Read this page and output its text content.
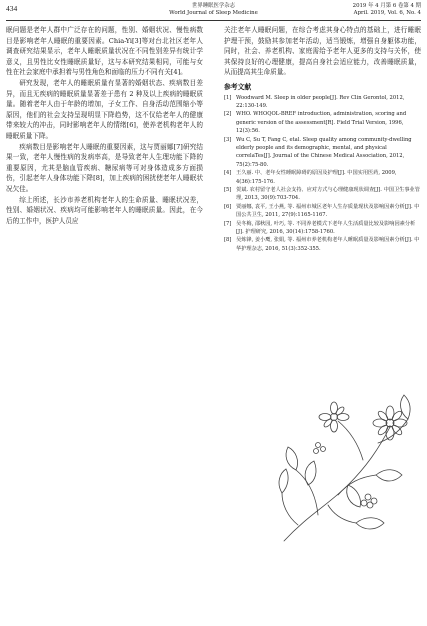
434	世界睡眠医学杂志
World Journal of Sleep Medicine
2019 年 4 月第 6 卷第 4 期
April. 2019, Vol. 6, No. 4

眠问题是老年人群中广泛存在的问题，性别、婚姻状况、慢性病数目是影响老年人睡眠的重要因素。Chia-Yi[3]等对台北社区老年人调查研究结果显示，老年人睡眠质量状况在不同性别差异有统计学意义，且男性比女性睡眠质量好，这与本研究结果相同，可能与女性在社会家庭中承担着与男性角色和面临的压力不同有关[4]。

研究发现，老年人的睡眠质量有显著的婚姻状态、疾病数目差异，而且无疾病的睡眠质量显著差于患有 2 种及以上疾病的睡眠质量。随着老年人由于年龄的增加，子女工作、自身活动范围缩小等原因，他们的社会支持呈现明显下降趋势，这不仅给老年人的健康带来较大的冲击，同时影响老年人的情绪[6]，使养老机构老年人的睡眠质量下降。

疾病数目是影响老年人睡眠的重要因素，这与贾丽娜[7]研究结果一致，老年人慢性病的发病率高，是导致老年人生理功能下降的重要原因，尤其是脑血管疾病、糖尿病等可对身体造成多方面损伤，引起老年人身体功能下降[8]，加上疾病的困扰使老年人睡眠状况欠佳。

综上所述，长沙市养老机构老年人的生命质量、睡眠状况差，性别、婚姻状况、疾病均可能影响老年人的睡眠质量。因此，在今后的工作中，医护人员应

关注老年人睡眠问题，在综合考虑其身心特点的基础上，进行睡眠护理干预，鼓励其参加老年活动，适当锻炼，增强自身躯体功能，同时，社会、养老机构、家庭需给予老年人更多的支持与关怀，使其保持良好的心理健康，提高自身社会适应能力，改善睡眠质量，从而提高其生命质量。

参考文献

[1] Woodward M. Sleep in older people[J]. Rev Clin Gerontol, 2012, 22:130-149.
[2] WHO. WHOQOL-BREF introduction, administration, scoring and generic version of the assessment[R]. Field Trial Version, 1996, 12(3):56.
[3] Wu C, Su T, Fang C, etal. Sleep quality among community-dwelling elderly people and its demographic, mental, and physical correlaTes[J]. Journal of the Chinese Medical Association, 2012, 75(2):75-80.
[4] 王久丽. 中、老年女性睡眠障碍的原因及护理[J]. 中国实用医药, 2009, 4(36):175-176.
[5] 贺斌. 农村留守老人社会支持、应对方式与心理健康现状调查[J]. 中国卫生事业管理, 2013, 30(9):703-704.
[6] 贾丽娜, 袁平, 王小燕, 等. 福州市城区老年人生存质量现状及影响因素分析[J]. 中国公共卫生, 2011, 27(9):1165-1167.
[7] 吴冬梅, 邵秋园, 叶巧, 等. 不同养老模式下老年人生活质量比较及影响因素分析[J]. 护理研究, 2016, 30(14):1758-1760.
[8] 吴炼锋, 姜小鹰, 张娟, 等. 福州市养老机构老年人睡眠质量及影响因素分析[J]. 中华护理杂志, 2016, 51(3):352-355.
